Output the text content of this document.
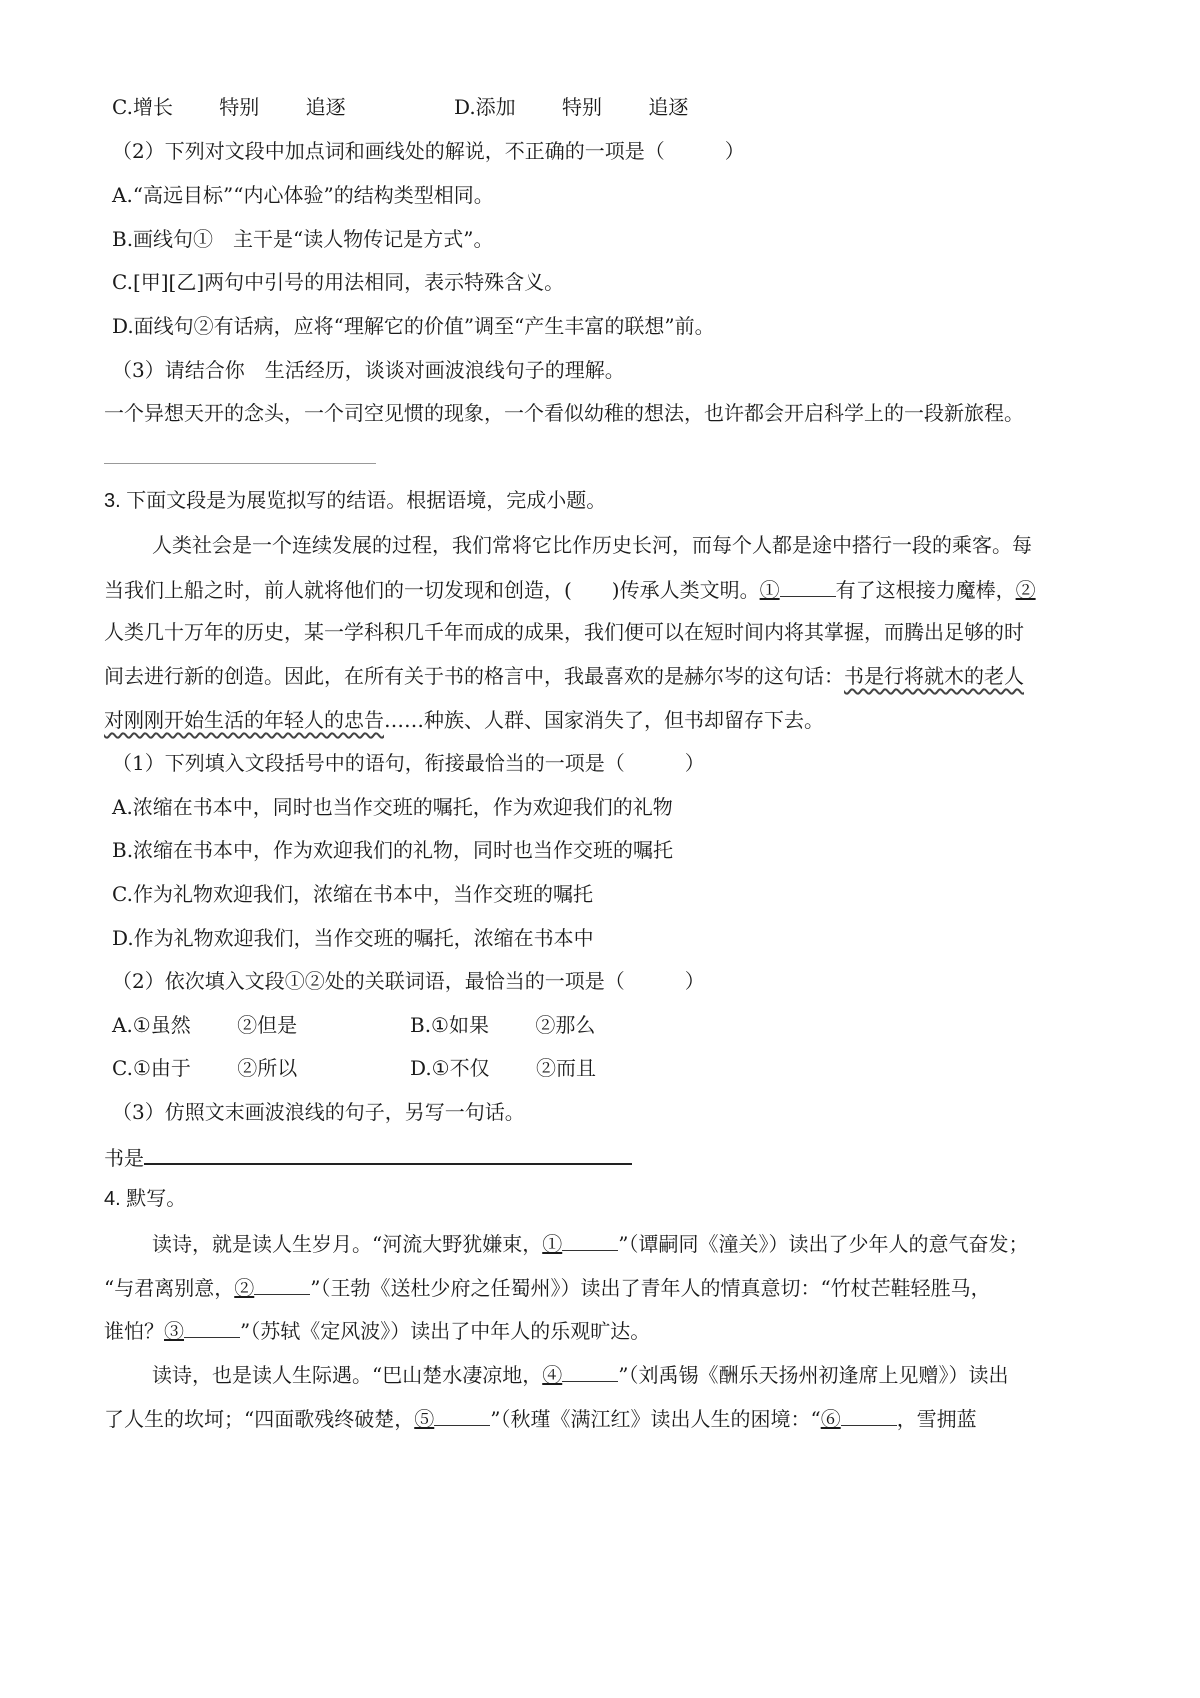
C.增长　　 特别　　 追逐	D.添加　　 特别　　 追逐
（2）下列对文段中加点词和画线处的解说，不正确的一项是（　　　）
A.“高远目标”“内心体验”的结构类型相同。
B.画线句①　主干是“读人物传记是方式”。
C.[甲][乙]两句中引号的用法相同，表示特殊含义。
D.面线句②有话病，应将“理解它的价值”调至“产生丰富的联想”前。
（3）请结合你　生活经历，谈谈对画波浪线句子的理解。
一个异想天开的念头，一个司空见惯的现象，一个看似幼稚的想法，也许都会开启科学上的一段新旅程。
3. 下面文段是为展览拟写的结语。根据语境，完成小题。
人类社会是一个连续发展的过程，我们常将它比作历史长河，而每个人都是途中搭行一段的乘客。每
当我们上船之时，前人就将他们的一切发现和创造，(　　)传承人类文明。①	有了这根接力魔棒，②
人类几十万年的历史，某一学科积几千年而成的成果，我们便可以在短时间内将其掌握，而腾出足够的时
间去进行新的创造。因此，在所有关于书的格言中，我最喜欢的是赫尔岑的这句话：书是行将就木的老人
对刚刚开始生活的年轻人的忠告……种族、人群、国家消失了，但书却留存下去。
（1）下列填入文段括号中的语句，衔接最恰当的一项是（　　　）
A.浓缩在书本中，同时也当作交班的嘱托，作为欢迎我们的礼物
B.浓缩在书本中，作为欢迎我们的礼物，同时也当作交班的嘱托
C.作为礼物欢迎我们，浓缩在书本中，当作交班的嘱托
D.作为礼物欢迎我们，当作交班的嘱托，浓缩在书本中
（2）依次填入文段①②处的关联词语，最恰当的一项是（　　　）
A.①虽然　　 ②但是	B.①如果　　 ②那么
C.①由于　　 ②所以	D.①不仅　　 ②而且
（3）仿照文末画波浪线的句子，另写一句话。
书是
4. 默写。
读诗，就是读人生岁月。“河流大野犹嫌束，①	”（谭嗣同《潼关》）读出了少年人的意气奋发；
“与君离别意，②	”（王勃《送杜少府之任蜀州》）读出了青年人的情真意切：“竹杖芒鞋轻胜马，
谁怕？③	”（苏轼《定风波》）读出了中年人的乐观旷达。
读诗，也是读人生际遇。“巴山楚水凄凉地，④	”（刘禹锡《酬乐天扬州初逢席上见赠》）读出
了人生的坎坷；“四面歌残终破楚，⑤	”（秋瑾《满江红》读出人生的困境：“⑥	，雪拥蓝
